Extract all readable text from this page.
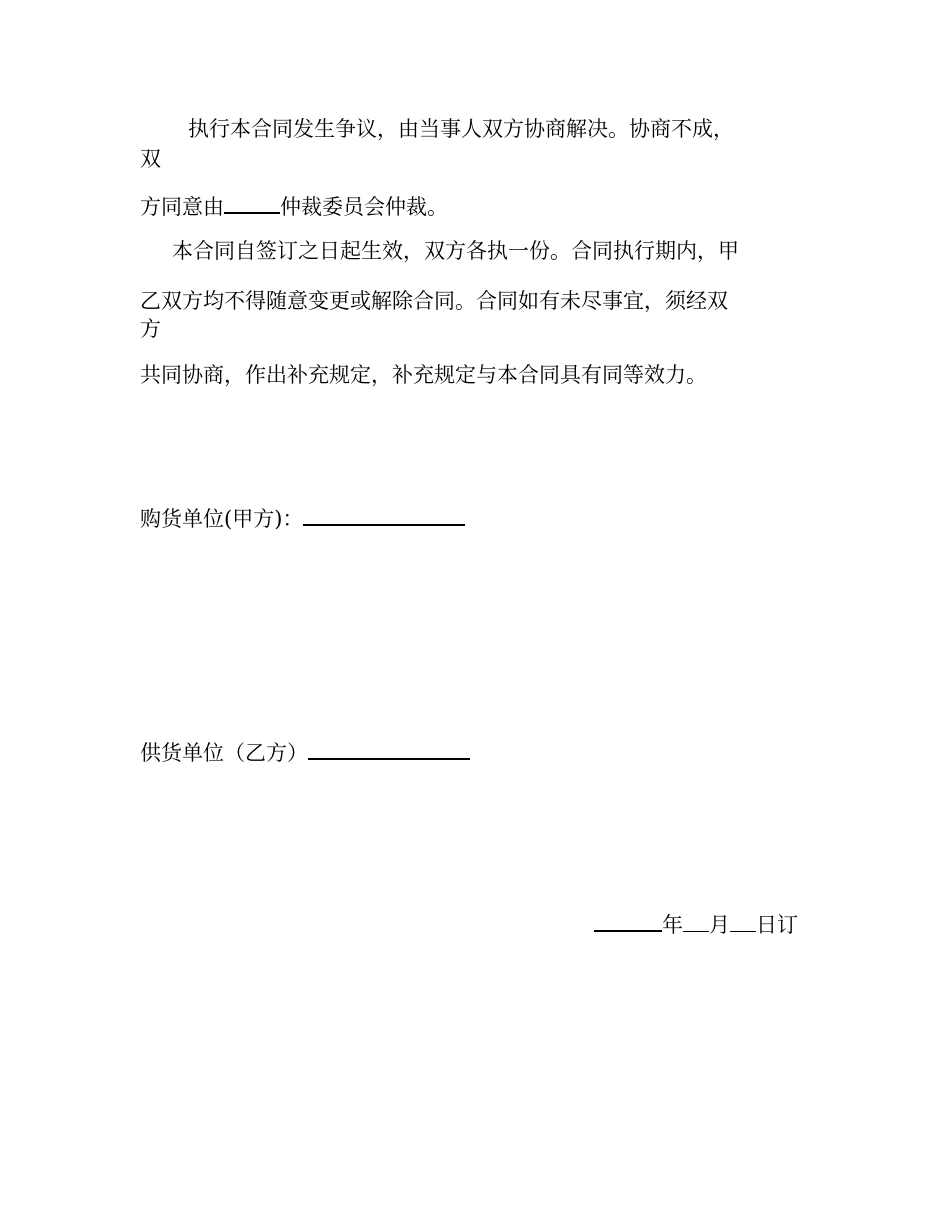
执行本合同发生争议，由当事人双方协商解决。协商不成，
双
方同意由	仲裁委员会仲裁。
本合同自签订之日起生效，双方各执一份。合同执行期内，甲
乙双方均不得随意变更或解除合同。合同如有未尽事宜，须经双
方
共同协商，作出补充规定，补充规定与本合同具有同等效力。
购货单位(甲方)：
供货单位（乙方）
年 月 日订
